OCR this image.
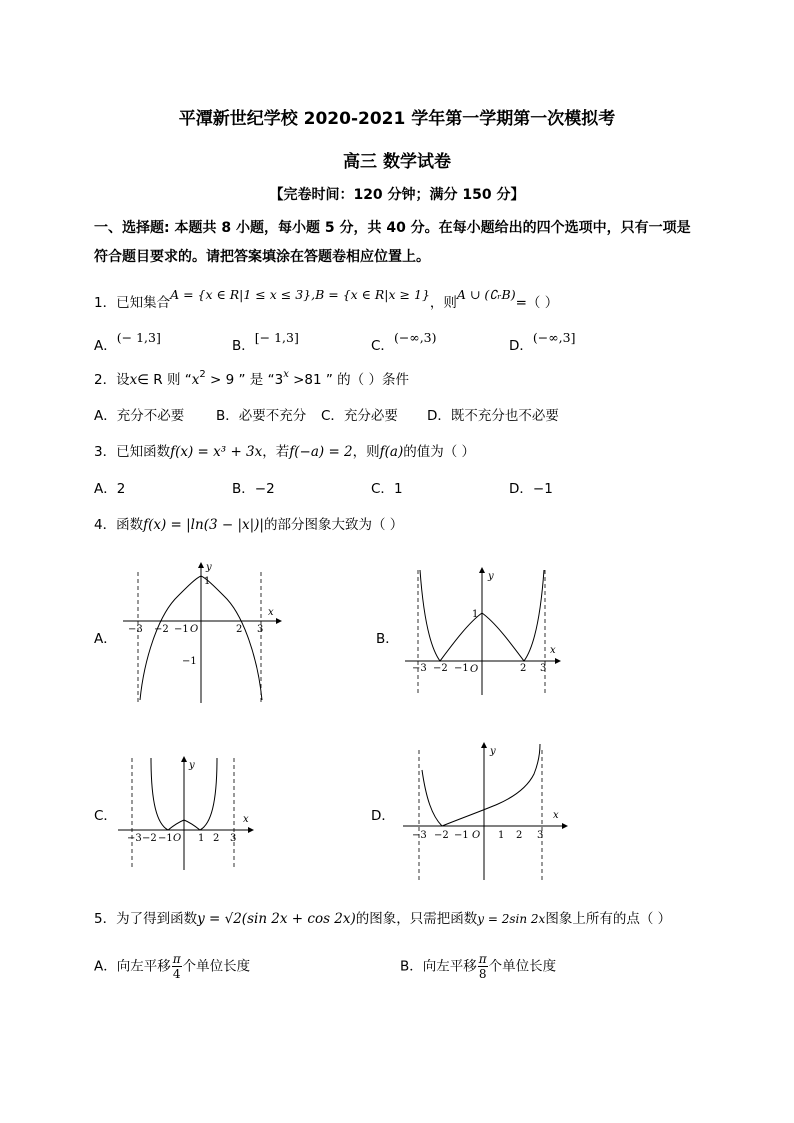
平潭新世纪学校 2020-2021 学年第一学期第一次模拟考
高三 数学试卷
【完卷时间：120 分钟；满分 150 分】
一、选择题: 本题共 8 小题，每小题 5 分，共 40 分。在每小题给出的四个选项中，只有一项是
符合题目要求的。请把答案填涂在答题卷相应位置上。
1．已知集合A = {x ∈ R|1 ≤ x ≤ 3},B = {x ∈ R|x ≥ 1}，则A ∪ (∁ᵣB)=（ ）
A．(− 1,3]
B．[− 1,3]
C．(−∞,3)
D．(−∞,3]
2．设x∈ R 则 “$x^2 > 9$ ” 是 “$3^x >81$ ” 的（ ）条件
A．充分不必要 B．必要不充分 C．充分必要 D．既不充分也不必要
3．已知函数f(x) = x³ + 3x，若f(−a) = 2，则f(a)的值为（ ）
A．2	B．−2	C．1	D．−1
4．函数f(x) = |ln(3 − |x|)|的部分图象大致为（ ）
A．
y
x
O
−3 −2 −1	2 3
1
−1
B．
y
x
O
−3 −2 −1	2 3
1
C．
y
x
O
−3 −2 −1	1 2 3
D．
y
x
O
−3 −2 −1	1 2 3
5．为了得到函数y = √2(sin 2x + cos 2x)的图象，只需把函数y = 2sin 2x图象上所有的点（ ）
A．向左平移 $\frac{\pi}{4}$ 个单位长度	B．向左平移 $\frac{\pi}{8}$ 个单位长度
